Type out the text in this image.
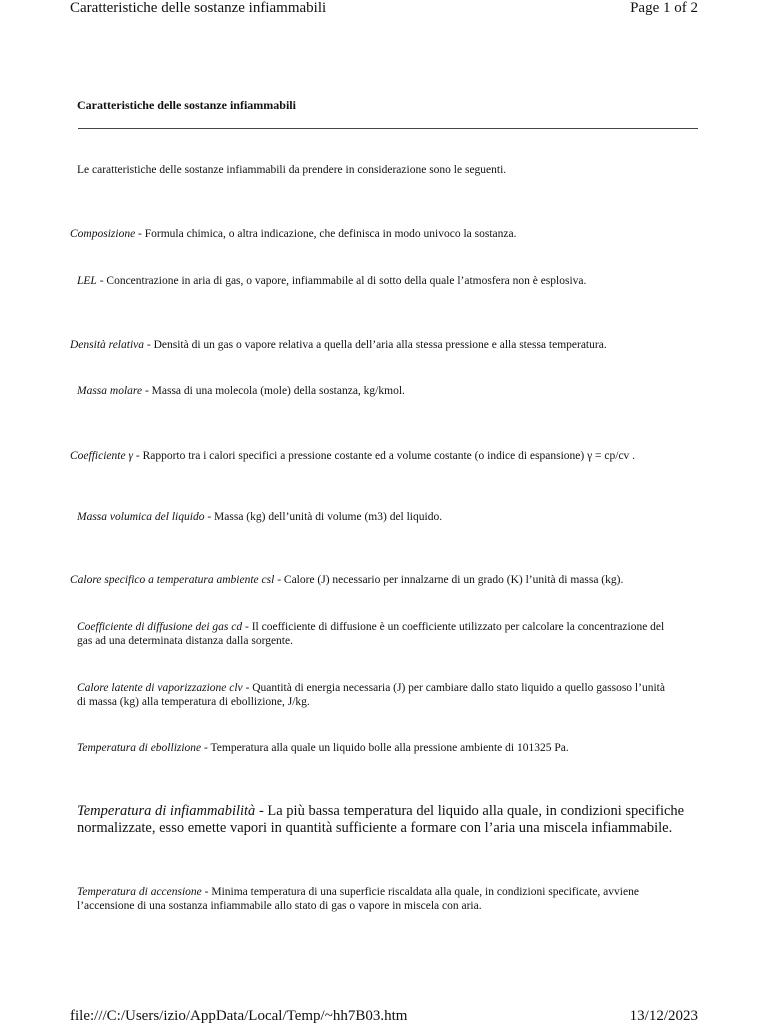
Caratteristiche delle sostanze infiammabili	Page 1 of 2
Caratteristiche delle sostanze infiammabili
Le caratteristiche delle sostanze infiammabili da prendere in considerazione sono le seguenti.
Composizione - Formula chimica, o altra indicazione, che definisca in modo univoco la sostanza.
LEL - Concentrazione in aria di gas, o vapore, infiammabile al di sotto della quale l’atmosfera non è esplosiva.
Densità relativa - Densità di un gas o vapore relativa a quella dell’aria alla stessa pressione e alla stessa temperatura.
Massa molare - Massa di una molecola (mole) della sostanza, kg/kmol.
Coefficiente γ - Rapporto tra i calori specifici a pressione costante ed a volume costante (o indice di espansione) γ = cp/cv .
Massa volumica del liquido - Massa (kg) dell’unità di volume (m3) del liquido.
Calore specifico a temperatura ambiente csl - Calore (J) necessario per innalzarne di un grado (K) l’unità di massa (kg).
Coefficiente di diffusione dei gas cd - Il coefficiente di diffusione è un coefficiente utilizzato per calcolare la concentrazione del gas ad una determinata distanza dalla sorgente.
Calore latente di vaporizzazione clv - Quantità di energia necessaria (J) per cambiare dallo stato liquido a quello gassoso l’unità di massa (kg) alla temperatura di ebollizione, J/kg.
Temperatura di ebollizione - Temperatura alla quale un liquido bolle alla pressione ambiente di 101325 Pa.
Temperatura di infiammabilità - La più bassa temperatura del liquido alla quale, in condizioni specifiche normalizzate, esso emette vapori in quantità sufficiente a formare con l’aria una miscela infiammabile.
Temperatura di accensione - Minima temperatura di una superficie riscaldata alla quale, in condizioni specificate, avviene l’accensione di una sostanza infiammabile allo stato di gas o vapore in miscela con aria.
file:///C:/Users/izio/AppData/Local/Temp/~hh7B03.htm	13/12/2023
